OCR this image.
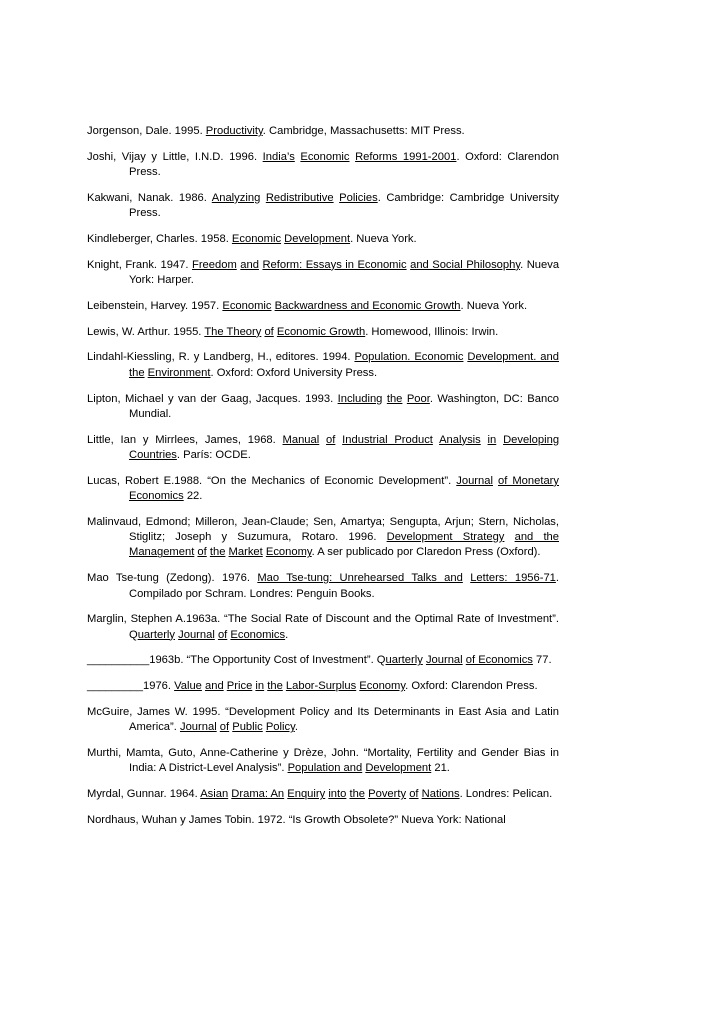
Jorgenson, Dale. 1995. Productivity. Cambridge, Massachusetts: MIT Press.

Joshi, Vijay y Little, I.N.D. 1996. India’s Economic Reforms 1991-2001. Oxford: Clarendon Press.

Kakwani, Nanak. 1986. Analyzing Redistributive Policies. Cambridge: Cambridge University Press.

Kindleberger, Charles. 1958. Economic Development. Nueva York.

Knight, Frank. 1947. Freedom and Reform: Essays in Economic and Social Philosophy. Nueva York: Harper.

Leibenstein, Harvey. 1957. Economic Backwardness and Economic Growth. Nueva York.

Lewis, W. Arthur. 1955. The Theory of Economic Growth. Homewood, Illinois: Irwin.

Lindahl-Kiessling, R. y Landberg, H., editores. 1994. Population. Economic Development. and the Environment. Oxford: Oxford University Press.

Lipton, Michael y van der Gaag, Jacques. 1993. Including the Poor. Washington, DC: Banco Mundial.

Little, Ian y Mirrlees, James, 1968. Manual of Industrial Product Analysis in Developing Countries. París: OCDE.

Lucas, Robert E.1988. “On the Mechanics of Economic Development”. Journal of Monetary Economics 22.

Malinvaud, Edmond; Milleron, Jean-Claude; Sen, Amartya; Sengupta, Arjun; Stern, Nicholas, Stiglitz; Joseph y Suzumura, Rotaro. 1996. Development Strategy and the Management of the Market Economy. A ser publicado por Claredon Press (Oxford).

Mao Tse-tung (Zedong). 1976. Mao Tse-tung: Unrehearsed Talks and Letters: 1956-71. Compilado por Schram. Londres: Penguin Books.

Marglin, Stephen A.1963a. “The Social Rate of Discount and the Optimal Rate of Investment”. Quarterly Journal of Economics.

__________1963b. “The Opportunity Cost of Investment”. Quarterly Journal of Economics 77.

_________1976. Value and Price in the Labor-Surplus Economy. Oxford: Clarendon Press.

McGuire, James W. 1995. “Development Policy and Its Determinants in East Asia and Latin America”. Journal of Public Policy.

Murthi, Mamta, Guto, Anne-Catherine y Drèze, John. “Mortality, Fertility and Gender Bias in India: A District-Level Analysis”. Population and Development 21.

Myrdal, Gunnar. 1964. Asian Drama: An Enquiry into the Poverty of Nations. Londres: Pelican.

Nordhaus, Wuhan y James Tobin. 1972. “Is Growth Obsolete?” Nueva York: National
